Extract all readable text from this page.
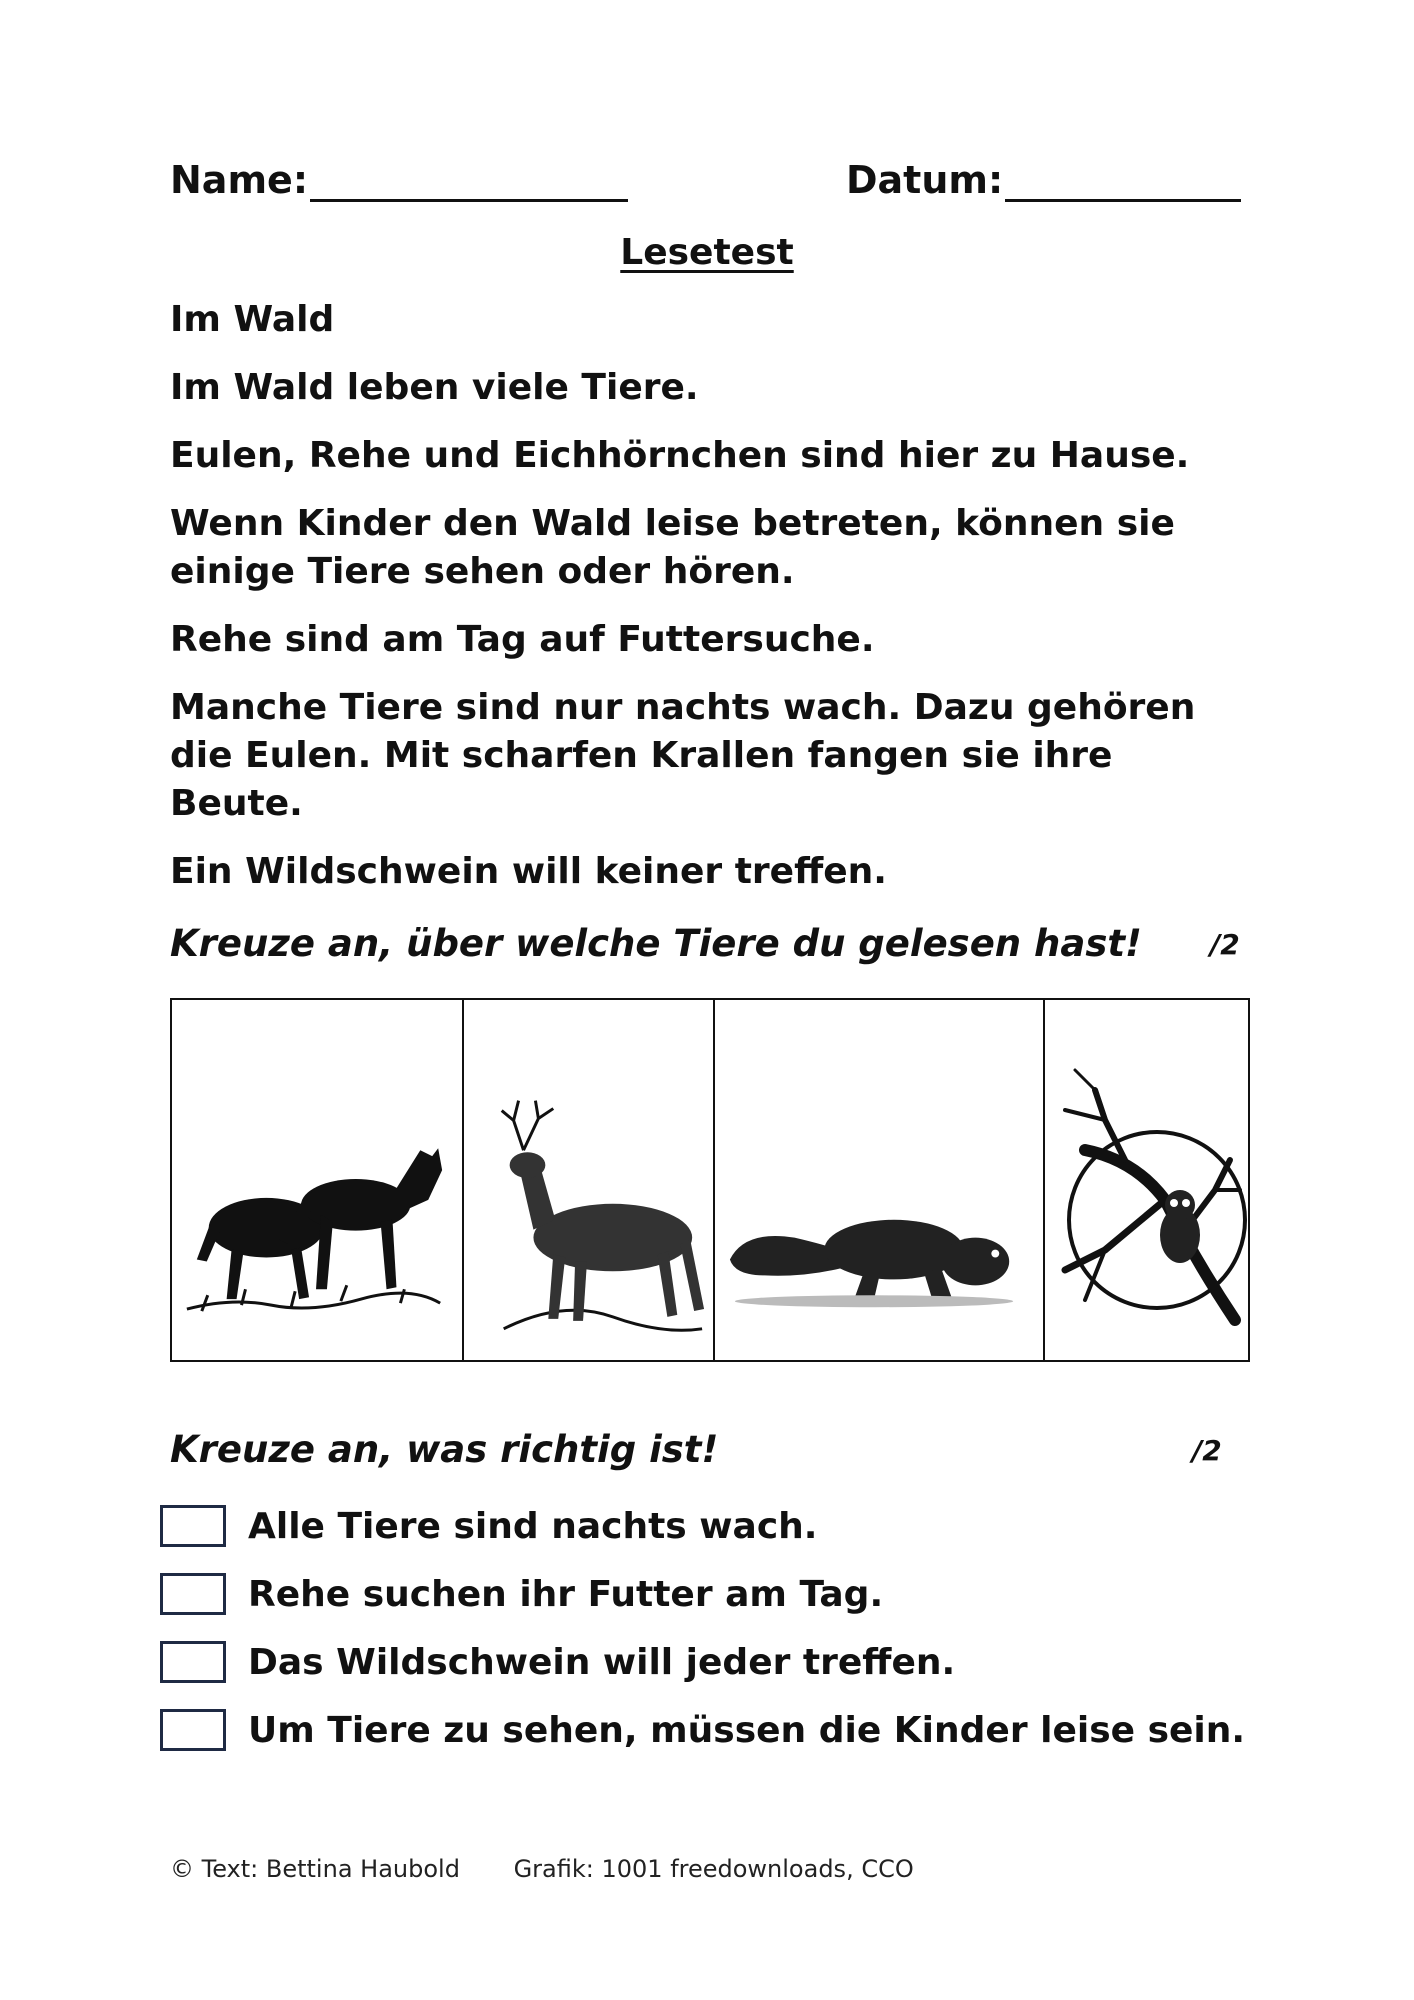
Name:	Datum:
Lesetest

Im Wald

Im Wald leben viele Tiere.

Eulen, Rehe und Eichhörnchen sind hier zu Hause.

Wenn Kinder den Wald leise betreten, können sie einige Tiere sehen oder hören.

Rehe sind am Tag auf Futtersuche.

Manche Tiere sind nur nachts wach. Dazu gehören die Eulen. Mit scharfen Krallen fangen sie ihre Beute.

Ein Wildschwein will keiner treffen.

Kreuze an, über welche Tiere du gelesen hast! /2
Kreuze an, was richtig ist!	/2
Alle Tiere sind nachts wach.
Rehe suchen ihr Futter am Tag.
Das Wildschwein will jeder treffen.
Um Tiere zu sehen, müssen die Kinder leise sein.
© Text: Bettina Haubold Grafik: 1001 freedownloads, CCO
